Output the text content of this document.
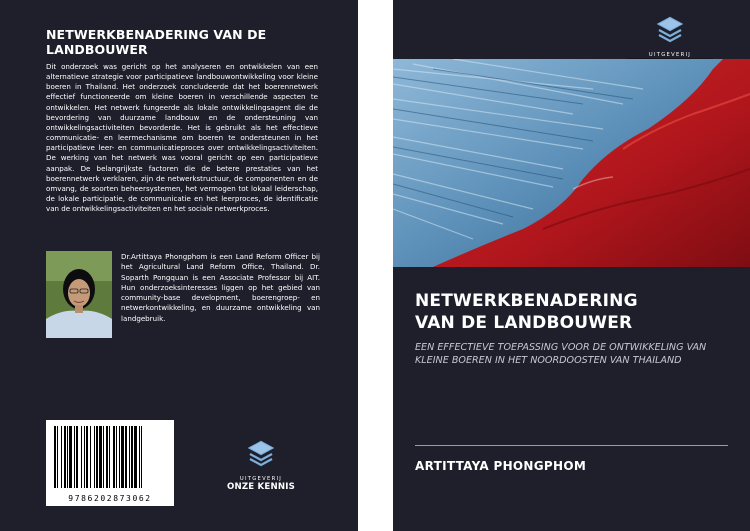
NETWERKBENADERING VAN DE
LANDBOUWER

Dit onderzoek was gericht op het analyseren en ontwikkelen van een alternatieve strategie voor participatieve landbouwontwikkeling voor kleine boeren in Thailand. Het onderzoek concludeerde dat het boerennetwerk effectief functioneerde om kleine boeren in verschillende aspecten te ontwikkelen. Het netwerk fungeerde als lokale ontwikkelingsagent die de bevordering van duurzame landbouw en de ondersteuning van ontwikkelingsactiviteiten bevorderde. Het is gebruikt als het effectieve communicatie- en leermechanisme om boeren te ondersteunen in het participatieve leer- en communicatieproces over ontwikkelingsactiviteiten. De werking van het netwerk was vooral gericht op een participatieve aanpak. De belangrijkste factoren die de betere prestaties van het boerennetwerk verklaren, zijn de netwerkstructuur, de componenten en de omvang, de soorten beheersystemen, het vermogen tot lokaal leiderschap, de lokale participatie, de communicatie en het leerproces, de identificatie van de ontwikkelingsactiviteiten en het sociale netwerkproces.

Dr.Artittaya Phongphom is een Land Reform Officer bij het Agricultural Land Reform Office, Thailand. Dr. Soparth Pongquan is een Associate Professor bij AIT. Hun onderzoeksinteresses liggen op het gebied van community-base development, boerengroep- en netwerkontwikkeling, en duurzame ontwikkeling van landgebruik.

9786202873062
UITGEVERIJ
ONZE KENNIS
UITGEVERIJ
NETWERKBENADERING
VAN DE LANDBOUWER

EEN EFFECTIEVE TOEPASSING VOOR DE ONTWIKKELING VAN KLEINE BOEREN IN HET NOORDOOSTEN VAN THAILAND

ARTITTAYA PHONGPHOM
